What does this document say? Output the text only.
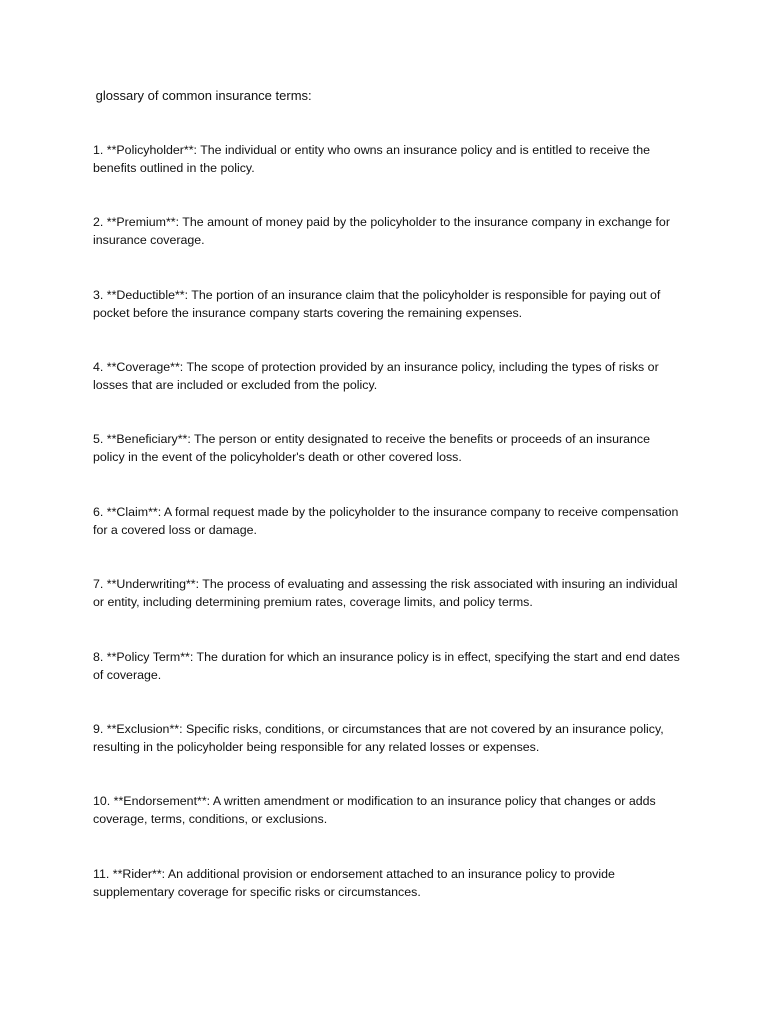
glossary of common insurance terms:

1. **Policyholder**: The individual or entity who owns an insurance policy and is entitled to receive the benefits outlined in the policy.

2. **Premium**: The amount of money paid by the policyholder to the insurance company in exchange for insurance coverage.

3. **Deductible**: The portion of an insurance claim that the policyholder is responsible for paying out of pocket before the insurance company starts covering the remaining expenses.

4. **Coverage**: The scope of protection provided by an insurance policy, including the types of risks or losses that are included or excluded from the policy.

5. **Beneficiary**: The person or entity designated to receive the benefits or proceeds of an insurance policy in the event of the policyholder's death or other covered loss.

6. **Claim**: A formal request made by the policyholder to the insurance company to receive compensation for a covered loss or damage.

7. **Underwriting**: The process of evaluating and assessing the risk associated with insuring an individual or entity, including determining premium rates, coverage limits, and policy terms.

8. **Policy Term**: The duration for which an insurance policy is in effect, specifying the start and end dates of coverage.

9. **Exclusion**: Specific risks, conditions, or circumstances that are not covered by an insurance policy, resulting in the policyholder being responsible for any related losses or expenses.

10. **Endorsement**: A written amendment or modification to an insurance policy that changes or adds coverage, terms, conditions, or exclusions.

11. **Rider**: An additional provision or endorsement attached to an insurance policy to provide supplementary coverage for specific risks or circumstances.
